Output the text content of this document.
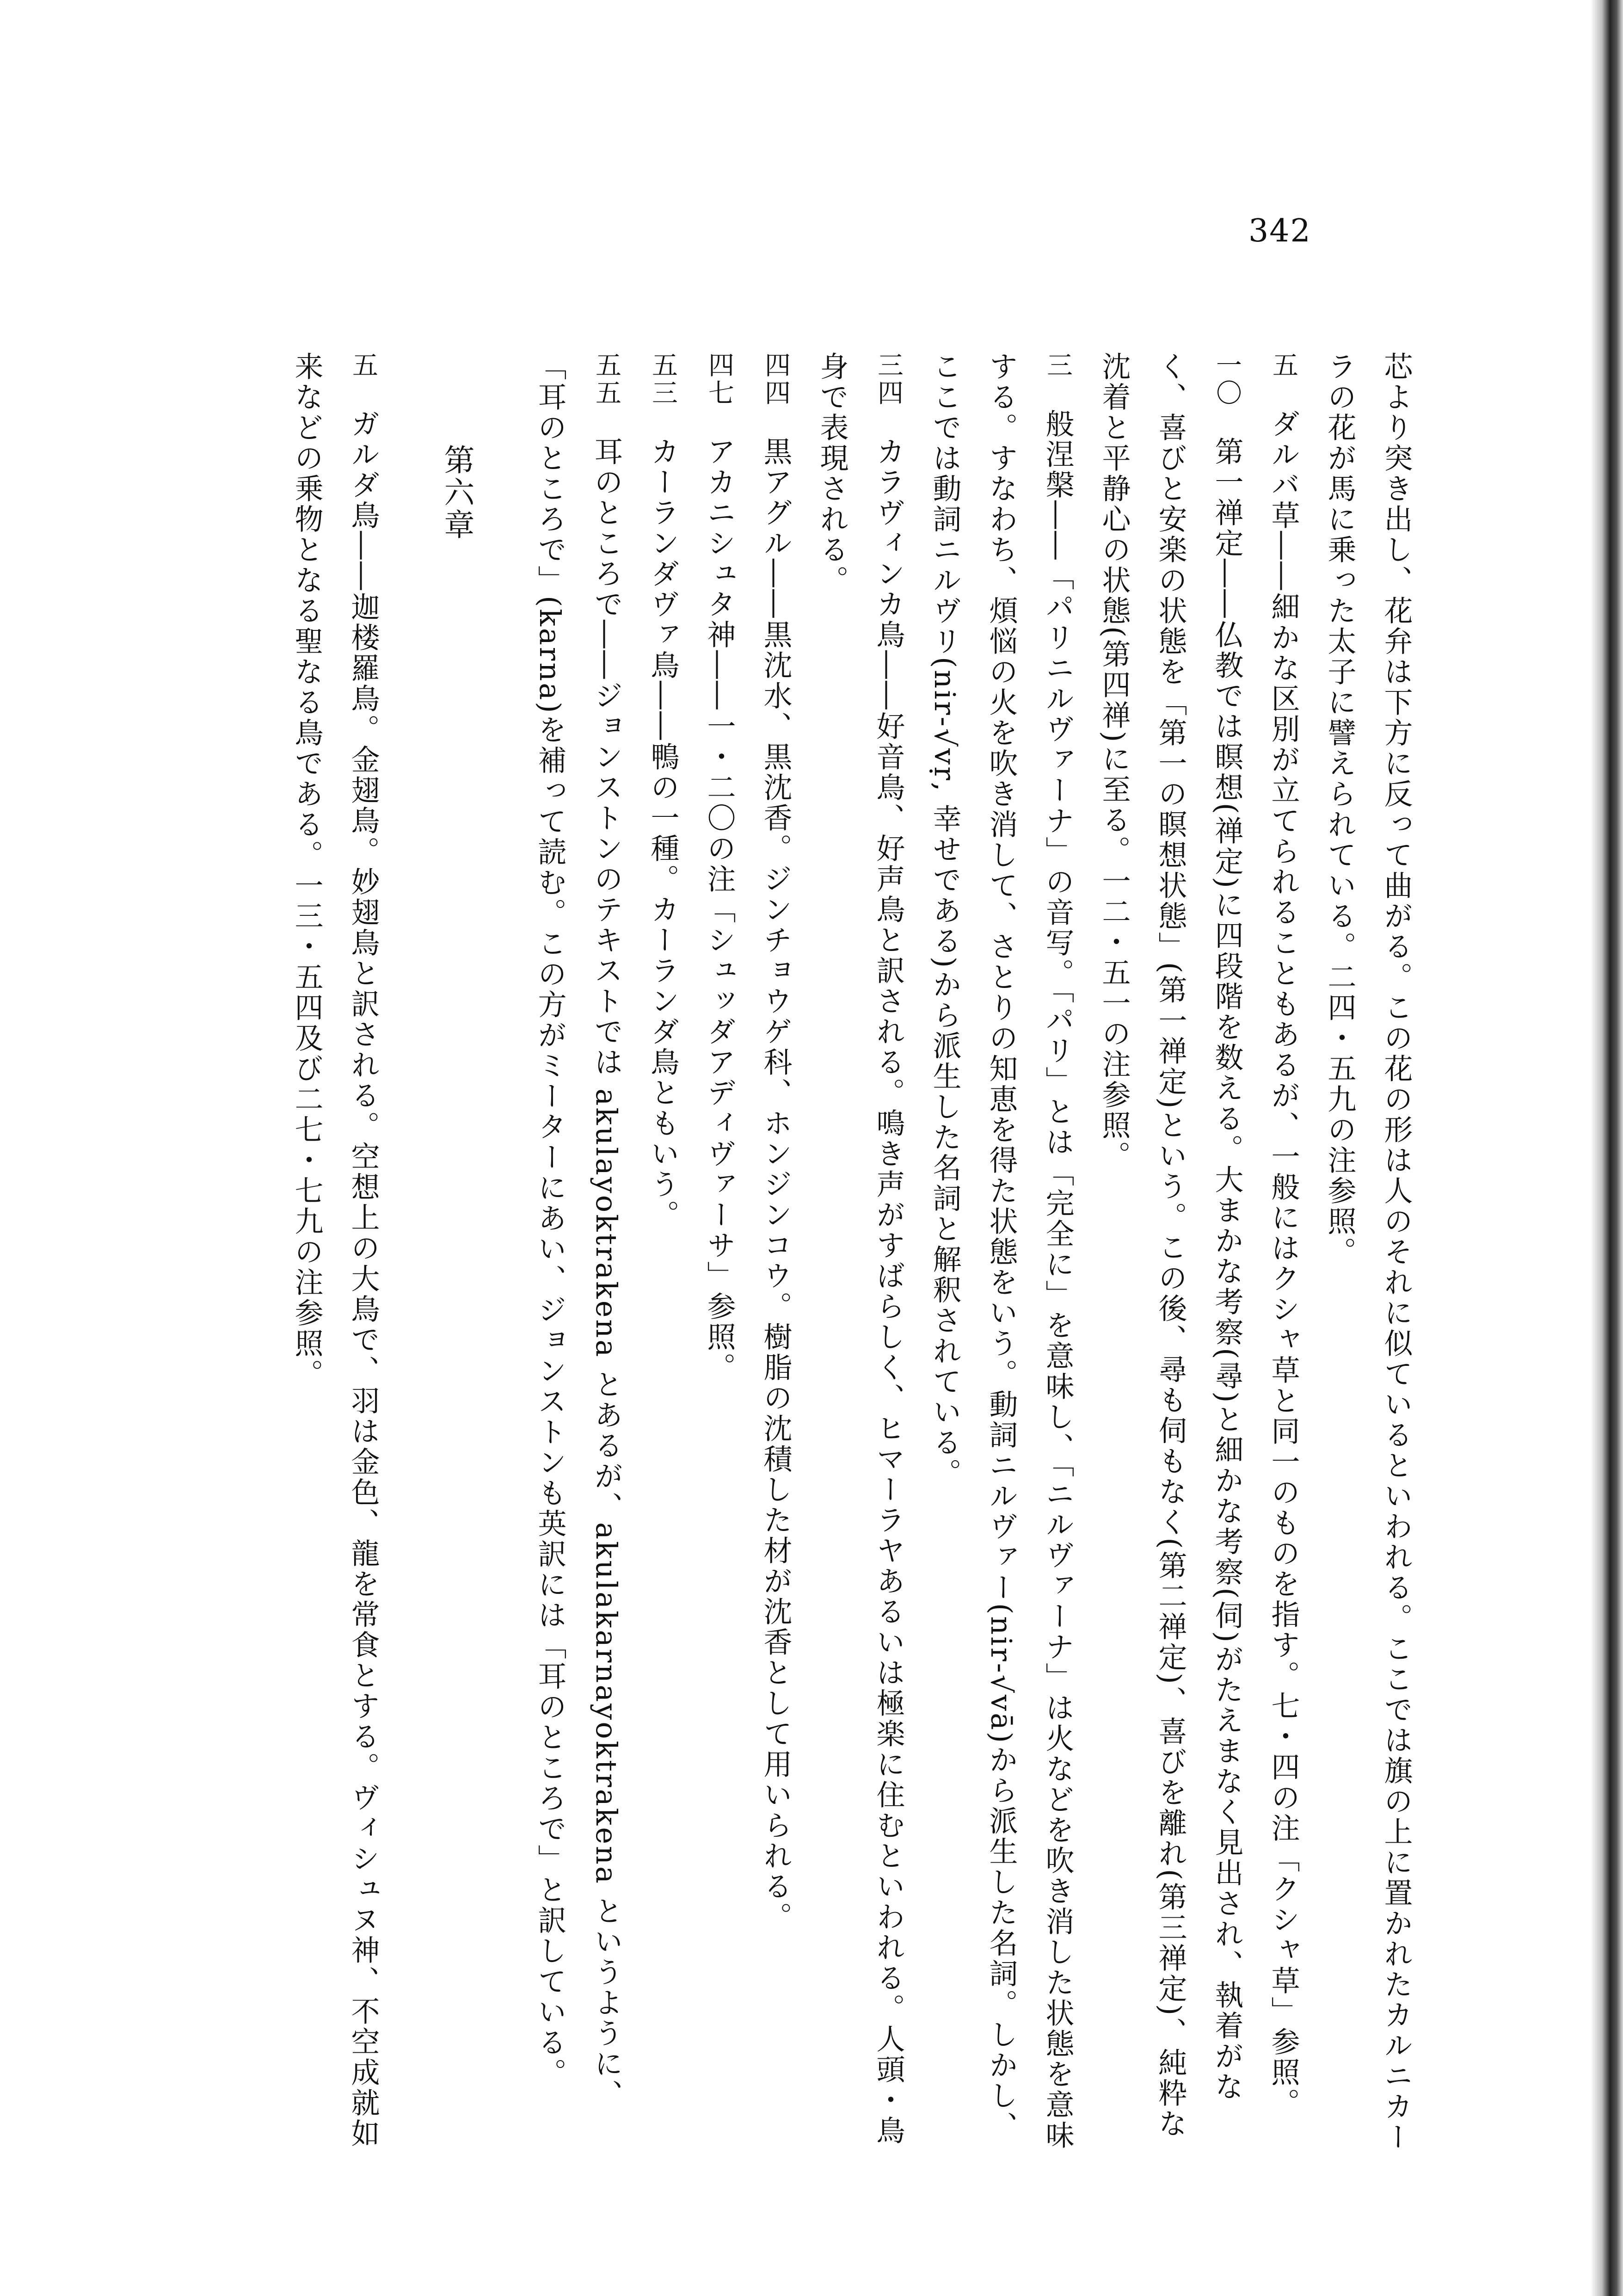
342
芯より突き出し、花弁は下方に反って曲がる。この花の形は人のそれに似ているといわれる。ここでは旗の上に置かれたカルニカーラの花が馬に乗った太子に譬えられている。二四・五九の注参照。
五 ダルバ草――細かな区別が立てられることもあるが、一般にはクシャ草と同一のものを指す。七・四の注「クシャ草」参照。
一〇 第一禅定――仏教では瞑想(禅定)に四段階を数える。大まかな考察(尋)と細かな考察(伺)がたえまなく見出され、執着がなく、喜びと安楽の状態を「第一の瞑想状態」(第一禅定)という。この後、尋も伺もなく(第二禅定)、喜びを離れ(第三禅定)、純粋な沈着と平静心の状態(第四禅)に至る。一二・五一の注参照。
三 般涅槃――「パリニルヴァーナ」の音写。「パリ」とは「完全に」を意味し、「ニルヴァーナ」は火などを吹き消した状態を意味する。すなわち、煩悩の火を吹き消して、さとりの知恵を得た状態をいう。動詞ニルヴァー(nir-√vā)から派生した名詞。しかし、ここでは動詞ニルヴリ(nir-√vṛ, 幸せである)から派生した名詞と解釈されている。
三四 カラヴィンカ鳥――好音鳥、好声鳥と訳される。鳴き声がすばらしく、ヒマーラヤあるいは極楽に住むといわれる。人頭・鳥身で表現される。
四四 黒アグル――黒沈水、黒沈香。ジンチョウゲ科、ホンジンコウ。樹脂の沈積した材が沈香として用いられる。
四七 アカニシュタ神――一・二〇の注「シュッダアディヴァーサ」参照。
五三 カーランダヴァ鳥――鴨の一種。カーランダ鳥ともいう。
五五 耳のところで――ジョンストンのテキストでは akulayoktrakena とあるが、akulakarnayoktrakena というように、「耳のところで」(karna)を補って読む。この方がミーターにあい、ジョンストンも英訳には「耳のところで」と訳している。
第六章
五 ガルダ鳥――迦楼羅鳥。金翅鳥。妙翅鳥と訳される。空想上の大鳥で、羽は金色、龍を常食とする。ヴィシュヌ神、不空成就如来などの乗物となる聖なる鳥である。一三・五四及び二七・七九の注参照。
